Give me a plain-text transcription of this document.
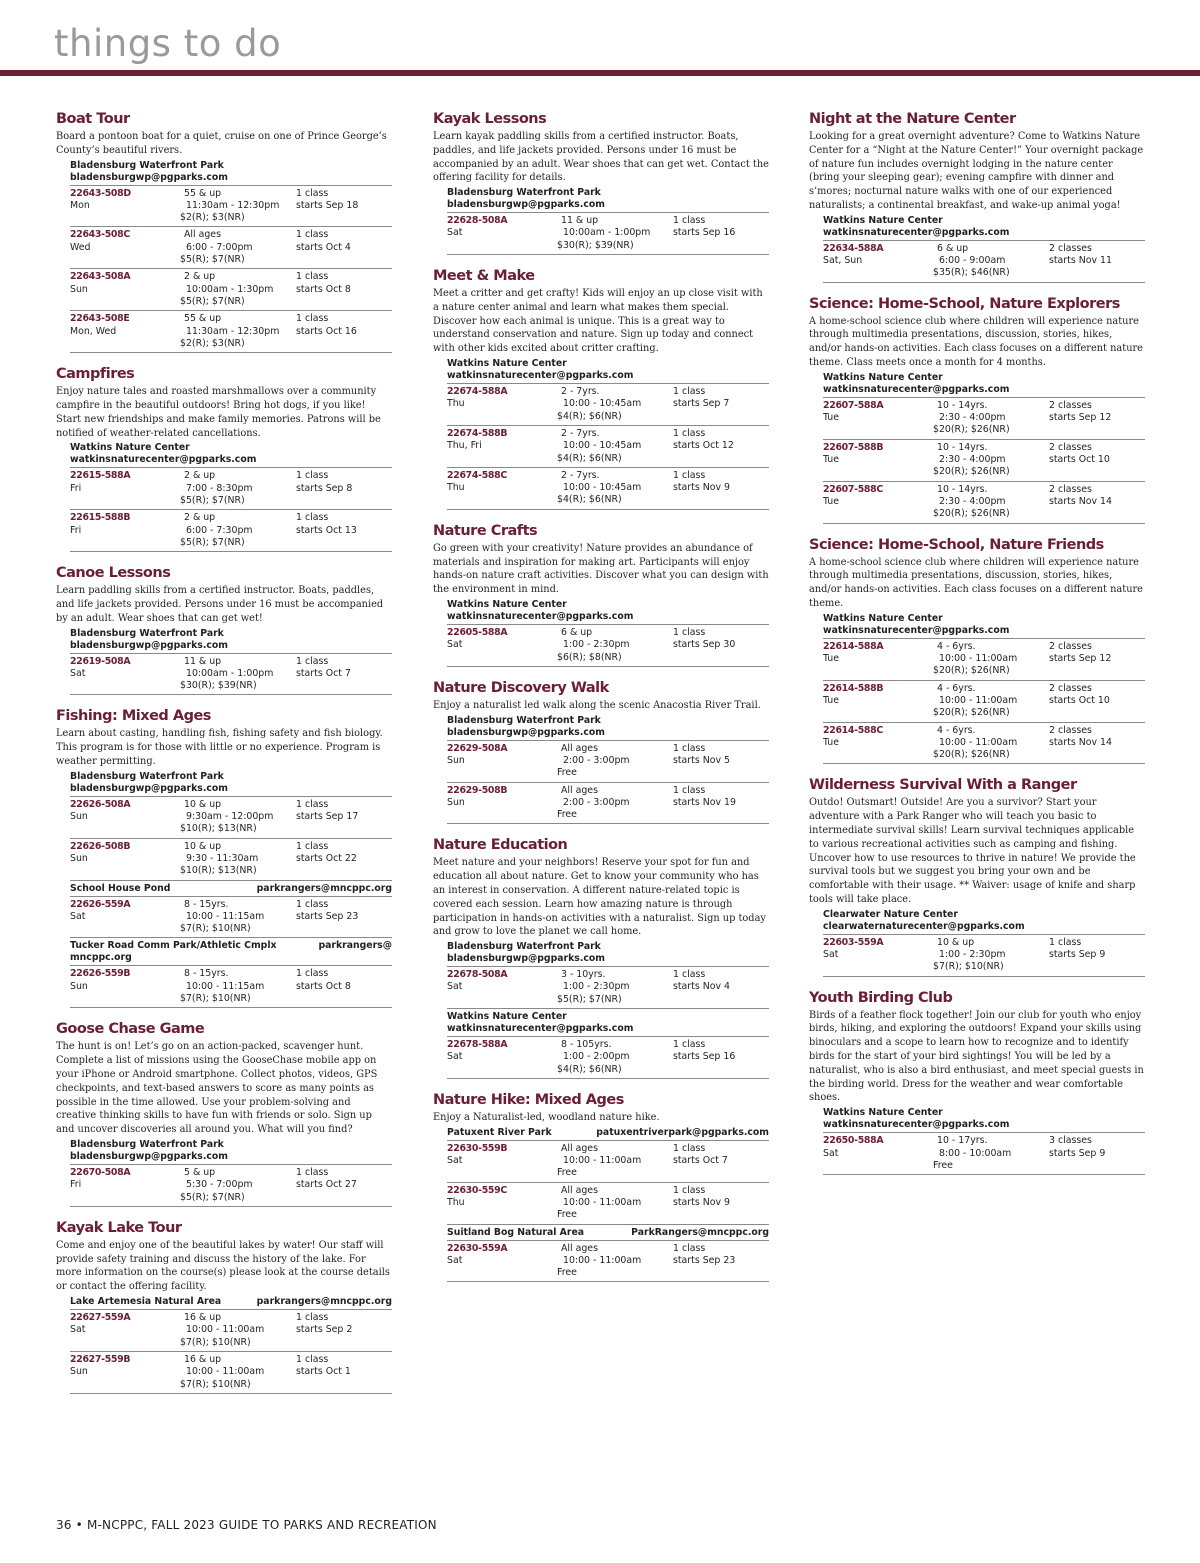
things to do
Boat Tour
Board a pontoon boat for a quiet, cruise on one of Prince George’s County’s beautiful rivers.
Bladensburg Waterfront Park
bladensburgwp@pgparks.com
22643-508D	55 & up	1 class
Mon	11:30am - 12:30pm	starts Sep 18
$2(R); $3(NR)
22643-508C	All ages	1 class
Wed	6:00 - 7:00pm	starts Oct 4
$5(R); $7(NR)
22643-508A	2 & up	1 class
Sun	10:00am - 1:30pm	starts Oct 8
$5(R); $7(NR)
22643-508E	55 & up	1 class
Mon, Wed	11:30am - 12:30pm	starts Oct 16
$2(R); $3(NR)
Campfires
Enjoy nature tales and roasted marshmallows over a community campfire in the beautiful outdoors! Bring hot dogs, if you like! Start new friendships and make family memories. Patrons will be notified of weather-related cancellations.
Watkins Nature Center
watkinsnaturecenter@pgparks.com
22615-588A	2 & up	1 class
Fri	7:00 - 8:30pm	starts Sep 8
$5(R); $7(NR)
22615-588B	2 & up	1 class
Fri	6:00 - 7:30pm	starts Oct 13
$5(R); $7(NR)
Canoe Lessons
Learn paddling skills from a certified instructor. Boats, paddles, and life jackets provided. Persons under 16 must be accompanied by an adult. Wear shoes that can get wet!
Bladensburg Waterfront Park
bladensburgwp@pgparks.com
22619-508A	11 & up	1 class
Sat	10:00am - 1:00pm	starts Oct 7
$30(R); $39(NR)
Fishing: Mixed Ages
Learn about casting, handling fish, fishing safety and fish biology. This program is for those with little or no experience. Program is weather permitting.
Bladensburg Waterfront Park
bladensburgwp@pgparks.com
22626-508A	10 & up	1 class
Sun	9:30am - 12:00pm	starts Sep 17
$10(R); $13(NR)
22626-508B	10 & up	1 class
Sun	9:30 - 11:30am	starts Oct 22
$10(R); $13(NR)
School House Pond	parkrangers@mncppc.org
22626-559A	8 - 15yrs.	1 class
Sat	10:00 - 11:15am	starts Sep 23
$7(R); $10(NR)
Tucker Road Comm Park/Athletic Cmplx	parkrangers@
mncppc.org
22626-559B	8 - 15yrs.	1 class
Sun	10:00 - 11:15am	starts Oct 8
$7(R); $10(NR)
Goose Chase Game
The hunt is on! Let’s go on an action-packed, scavenger hunt. Complete a list of missions using the GooseChase mobile app on your iPhone or Android smartphone. Collect photos, videos, GPS checkpoints, and text-based answers to score as many points as possible in the time allowed. Use your problem-solving and creative thinking skills to have fun with friends or solo. Sign up and uncover discoveries all around you. What will you find?
Bladensburg Waterfront Park
bladensburgwp@pgparks.com
22670-508A	5 & up	1 class
Fri	5:30 - 7:00pm	starts Oct 27
$5(R); $7(NR)
Kayak Lake Tour
Come and enjoy one of the beautiful lakes by water! Our staff will provide safety training and discuss the history of the lake. For more information on the course(s) please look at the course details or contact the offering facility.
Lake Artemesia Natural Area	parkrangers@mncppc.org
22627-559A	16 & up	1 class
Sat	10:00 - 11:00am	starts Sep 2
$7(R); $10(NR)
22627-559B	16 & up	1 class
Sun	10:00 - 11:00am	starts Oct 1
$7(R); $10(NR)
Kayak Lessons
Learn kayak paddling skills from a certified instructor. Boats, paddles, and life jackets provided. Persons under 16 must be accompanied by an adult. Wear shoes that can get wet. Contact the offering facility for details.
Bladensburg Waterfront Park
bladensburgwp@pgparks.com
22628-508A	11 & up	1 class
Sat	10:00am - 1:00pm	starts Sep 16
$30(R); $39(NR)
Meet & Make
Meet a critter and get crafty! Kids will enjoy an up close visit with a nature center animal and learn what makes them special. Discover how each animal is unique. This is a great way to understand conservation and nature. Sign up today and connect with other kids excited about critter crafting.
Watkins Nature Center
watkinsnaturecenter@pgparks.com
22674-588A	2 - 7yrs.	1 class
Thu	10:00 - 10:45am	starts Sep 7
$4(R); $6(NR)
22674-588B	2 - 7yrs.	1 class
Thu, Fri	10:00 - 10:45am	starts Oct 12
$4(R); $6(NR)
22674-588C	2 - 7yrs.	1 class
Thu	10:00 - 10:45am	starts Nov 9
$4(R); $6(NR)
Nature Crafts
Go green with your creativity! Nature provides an abundance of materials and inspiration for making art. Participants will enjoy hands-on nature craft activities. Discover what you can design with the environment in mind.
Watkins Nature Center
watkinsnaturecenter@pgparks.com
22605-588A	6 & up	1 class
Sat	1:00 - 2:30pm	starts Sep 30
$6(R); $8(NR)
Nature Discovery Walk
Enjoy a naturalist led walk along the scenic Anacostia River Trail.
Bladensburg Waterfront Park
bladensburgwp@pgparks.com
22629-508A	All ages	1 class
Sun	2:00 - 3:00pm	starts Nov 5
Free
22629-508B	All ages	1 class
Sun	2:00 - 3:00pm	starts Nov 19
Free
Nature Education
Meet nature and your neighbors! Reserve your spot for fun and education all about nature. Get to know your community who has an interest in conservation. A different nature-related topic is covered each session. Learn how amazing nature is through participation in hands-on activities with a naturalist. Sign up today and grow to love the planet we call home.
Bladensburg Waterfront Park
bladensburgwp@pgparks.com
22678-508A	3 - 10yrs.	1 class
Sat	1:00 - 2:30pm	starts Nov 4
$5(R); $7(NR)
Watkins Nature Center
watkinsnaturecenter@pgparks.com
22678-588A	8 - 105yrs.	1 class
Sat	1:00 - 2:00pm	starts Sep 16
$4(R); $6(NR)
Nature Hike: Mixed Ages
Enjoy a Naturalist-led, woodland nature hike.
Patuxent River Park	patuxentriverpark@pgparks.com
22630-559B	All ages	1 class
Sat	10:00 - 11:00am	starts Oct 7
Free
22630-559C	All ages	1 class
Thu	10:00 - 11:00am	starts Nov 9
Free
Suitland Bog Natural Area	ParkRangers@mncppc.org
22630-559A	All ages	1 class
Sat	10:00 - 11:00am	starts Sep 23
Free
Night at the Nature Center
Looking for a great overnight adventure? Come to Watkins Nature Center for a “Night at the Nature Center!” Your overnight package of nature fun includes overnight lodging in the nature center (bring your sleeping gear); evening campfire with dinner and s’mores; nocturnal nature walks with one of our experienced naturalists; a continental breakfast, and wake-up animal yoga!
Watkins Nature Center
watkinsnaturecenter@pgparks.com
22634-588A	6 & up	2 classes
Sat, Sun	6:00 - 9:00am	starts Nov 11
$35(R); $46(NR)
Science: Home-School, Nature Explorers
A home-school science club where children will experience nature through multimedia presentations, discussion, stories, hikes, and/or hands-on activities. Each class focuses on a different nature theme. Class meets once a month for 4 months.
Watkins Nature Center
watkinsnaturecenter@pgparks.com
22607-588A	10 - 14yrs.	2 classes
Tue	2:30 - 4:00pm	starts Sep 12
$20(R); $26(NR)
22607-588B	10 - 14yrs.	2 classes
Tue	2:30 - 4:00pm	starts Oct 10
$20(R); $26(NR)
22607-588C	10 - 14yrs.	2 classes
Tue	2:30 - 4:00pm	starts Nov 14
$20(R); $26(NR)
Science: Home-School, Nature Friends
A home-school science club where children will experience nature through multimedia presentations, discussion, stories, hikes, and/or hands-on activities. Each class focuses on a different nature theme.
Watkins Nature Center
watkinsnaturecenter@pgparks.com
22614-588A	4 - 6yrs.	2 classes
Tue	10:00 - 11:00am	starts Sep 12
$20(R); $26(NR)
22614-588B	4 - 6yrs.	2 classes
Tue	10:00 - 11:00am	starts Oct 10
$20(R); $26(NR)
22614-588C	4 - 6yrs.	2 classes
Tue	10:00 - 11:00am	starts Nov 14
$20(R); $26(NR)
Wilderness Survival With a Ranger
Outdo! Outsmart! Outside! Are you a survivor? Start your adventure with a Park Ranger who will teach you basic to intermediate survival skills! Learn survival techniques applicable to various recreational activities such as camping and fishing. Uncover how to use resources to thrive in nature! We provide the survival tools but we suggest you bring your own and be comfortable with their usage. ** Waiver: usage of knife and sharp tools will take place.
Clearwater Nature Center
clearwaternaturecenter@pgparks.com
22603-559A	10 & up	1 class
Sat	1:00 - 2:30pm	starts Sep 9
$7(R); $10(NR)
Youth Birding Club
Birds of a feather flock together! Join our club for youth who enjoy birds, hiking, and exploring the outdoors! Expand your skills using binoculars and a scope to learn how to recognize and to identify birds for the start of your bird sightings! You will be led by a naturalist, who is also a bird enthusiast, and meet special guests in the birding world. Dress for the weather and wear comfortable shoes.
Watkins Nature Center
watkinsnaturecenter@pgparks.com
22650-588A	10 - 17yrs.	3 classes
Sat	8:00 - 10:00am	starts Sep 9
Free
36 • M-NCPPC, FALL 2023 GUIDE TO PARKS AND RECREATION
